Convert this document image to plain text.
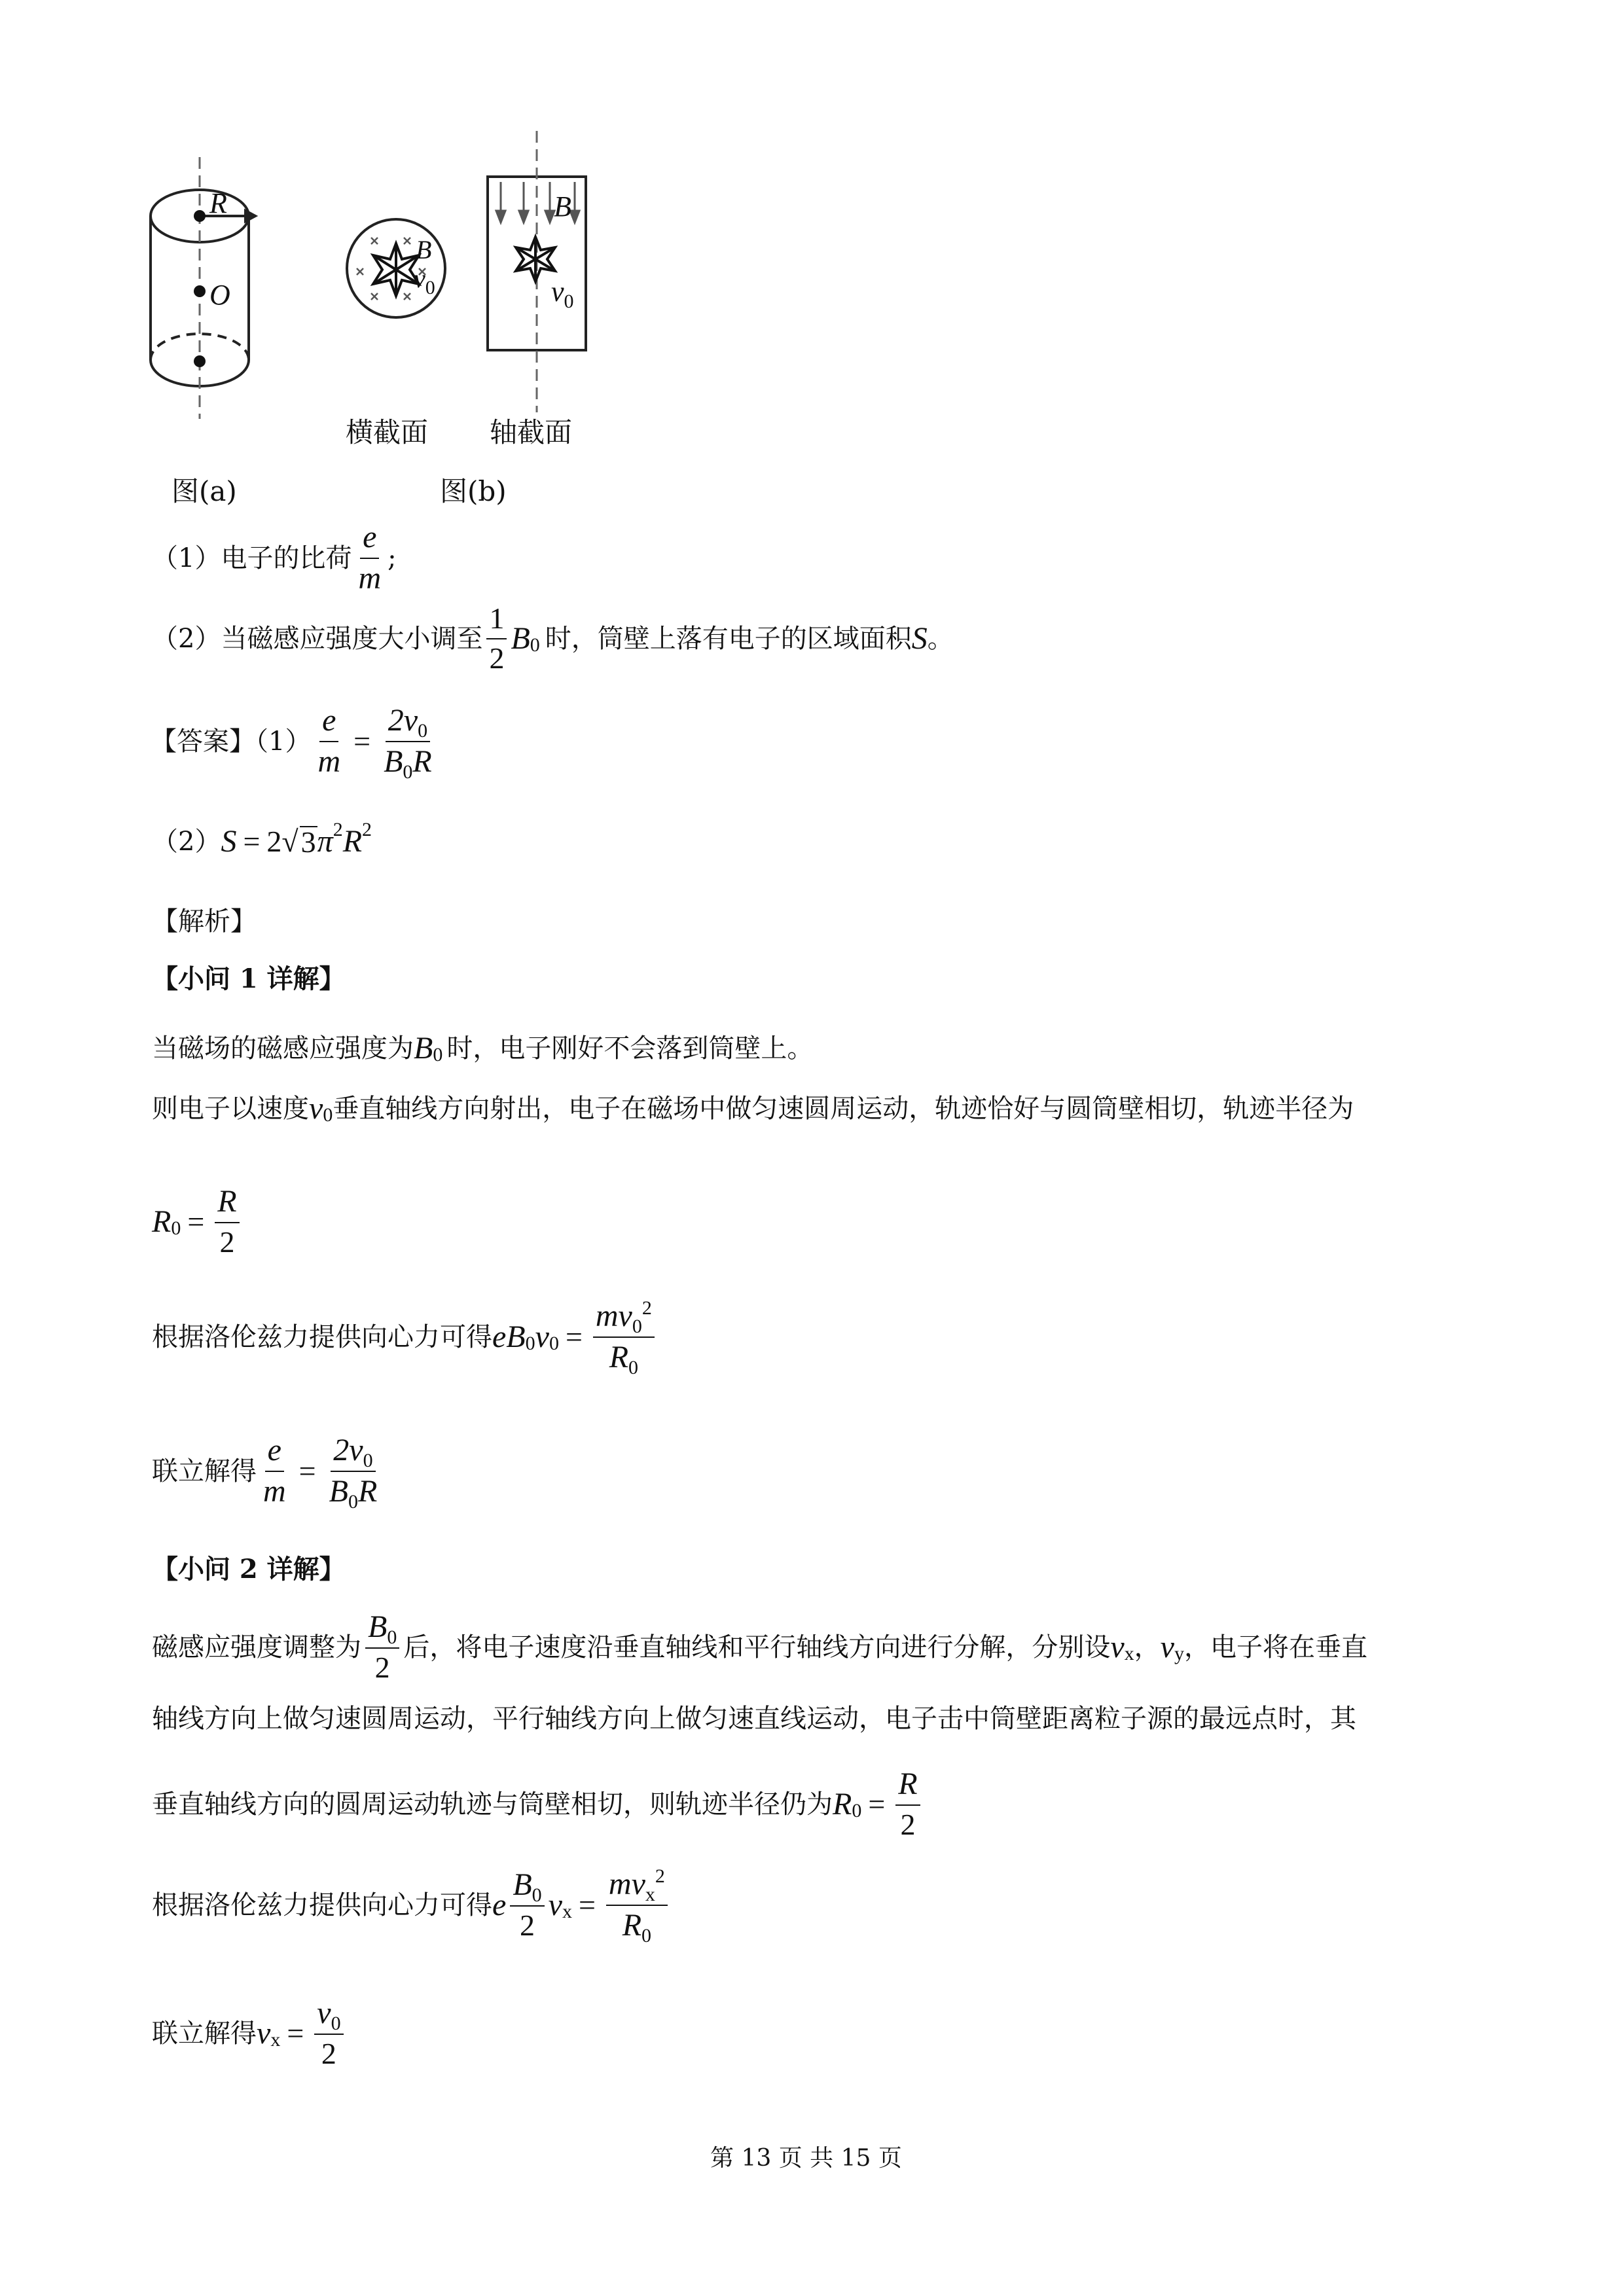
R
O
B
$v_0$
B
$v_0$
横截面 轴截面
图(a)	图(b)
（1）电子的比荷 $\frac{e}{m}$ ;
（2）当磁感应强度大小调至 $\frac{1}{2}$ B 0 时，筒壁上落有电子的区域面积 S 。
【答案】$(1) \frac{e}{m} = \frac{2v_0}{B_0R}$
（2） S = 2 √ 3 π 2 R 2
【解析】
【小问 1 详解】
当磁场的磁感应强度为 B 0 时，电子刚好不会落到筒壁上。
则电子以速度 v 0 垂直轴线方向射出，电子在磁场中做匀速圆周运动，轨迹恰好与圆筒壁相切，轨迹半径为
R $0 = \frac{R}{2}$
根据洛伦兹力提供向心力可得 eB 0 v $0 = \frac{mv_0^2}{R_0}$
联立解得 $\frac{e}{m} = \frac{2v_0}{B_0R}$
【小问 2 详解】
磁感应强度调整为 $\frac{B_0}{2}$ 后，将电子速度沿垂直轴线和平行轴线方向进行分解，分别设 v x ， v y ，电子将在垂直
轴线方向上做匀速圆周运动，平行轴线方向上做匀速直线运动，电子击中筒壁距离粒子源的最远点时，其
垂直轴线方向的圆周运动轨迹与筒壁相切，则轨迹半径仍为 R $0 = \frac{R}{2}$
根据洛伦兹力提供向心力可得 e $\frac{B_0}{2}$ v $x = \frac{mv_x^2}{R_0}$
联立解得 v $x = \frac{v_0}{2}$
第 13 页 共 15 页
